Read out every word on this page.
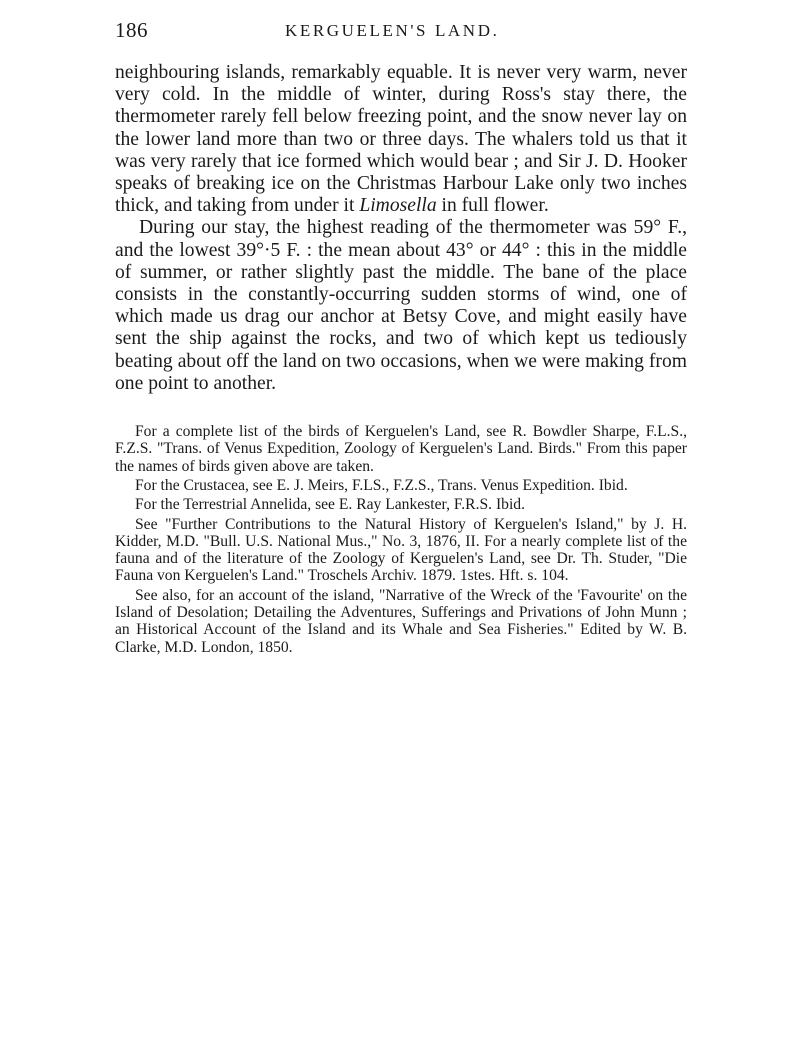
186	KERGUELEN'S LAND.

neighbouring islands, remarkably equable. It is never very warm, never very cold. In the middle of winter, during Ross's stay there, the thermometer rarely fell below freezing point, and the snow never lay on the lower land more than two or three days. The whalers told us that it was very rarely that ice formed which would bear ; and Sir J. D. Hooker speaks of breaking ice on the Christmas Harbour Lake only two inches thick, and taking from under it Limosella in full flower.

During our stay, the highest reading of the thermometer was 59° F., and the lowest 39°·5 F. : the mean about 43° or 44° : this in the middle of summer, or rather slightly past the middle. The bane of the place consists in the constantly-occurring sudden storms of wind, one of which made us drag our anchor at Betsy Cove, and might easily have sent the ship against the rocks, and two of which kept us tediously beating about off the land on two occasions, when we were making from one point to another.

For a complete list of the birds of Kerguelen's Land, see R. Bowdler Sharpe, F.L.S., F.Z.S. "Trans. of Venus Expedition, Zoology of Kerguelen's Land. Birds." From this paper the names of birds given above are taken.

For the Crustacea, see E. J. Meirs, F.LS., F.Z.S., Trans. Venus Expedition. Ibid.

For the Terrestrial Annelida, see E. Ray Lankester, F.R.S. Ibid.

See "Further Contributions to the Natural History of Kerguelen's Island," by J. H. Kidder, M.D. "Bull. U.S. National Mus.," No. 3, 1876, II. For a nearly complete list of the fauna and of the literature of the Zoology of Kerguelen's Land, see Dr. Th. Studer, "Die Fauna von Kerguelen's Land." Troschels Archiv. 1879. 1stes. Hft. s. 104.

See also, for an account of the island, "Narrative of the Wreck of the 'Favourite' on the Island of Desolation; Detailing the Adventures, Sufferings and Privations of John Munn ; an Historical Account of the Island and its Whale and Sea Fisheries." Edited by W. B. Clarke, M.D. London, 1850.
